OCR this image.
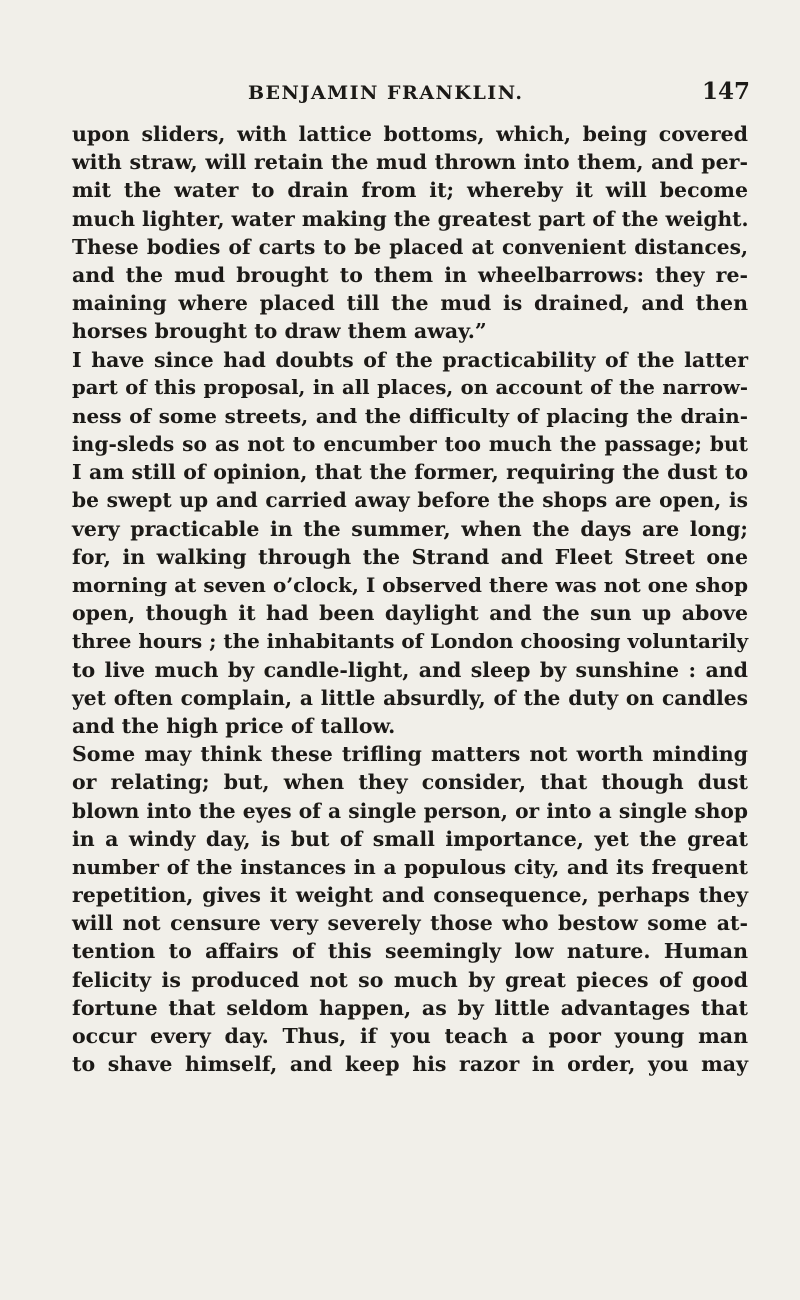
BENJAMIN FRANKLIN.	147
upon sliders, with lattice bottoms, which, being covered
with straw, will retain the mud thrown into them, and per-
mit the water to drain from it; whereby it will become
much lighter, water making the greatest part of the weight.
These bodies of carts to be placed at convenient distances,
and the mud brought to them in wheelbarrows: they re-
maining where placed till the mud is drained, and then
horses brought to draw them away.”
I have since had doubts of the practicability of the latter
part of this proposal, in all places, on account of the narrow-
ness of some streets, and the difficulty of placing the drain-
ing-sleds so as not to encumber too much the passage; but
I am still of opinion, that the former, requiring the dust to
be swept up and carried away before the shops are open, is
very practicable in the summer, when the days are long;
for, in walking through the Strand and Fleet Street one
morning at seven o’clock, I observed there was not one shop
open, though it had been daylight and the sun up above
three hours ; the inhabitants of London choosing voluntarily
to live much by candle-light, and sleep by sunshine : and
yet often complain, a little absurdly, of the duty on candles
and the high price of tallow.
Some may think these trifling matters not worth minding
or relating; but, when they consider, that though dust
blown into the eyes of a single person, or into a single shop
in a windy day, is but of small importance, yet the great
number of the instances in a populous city, and its frequent
repetition, gives it weight and consequence, perhaps they
will not censure very severely those who bestow some at-
tention to affairs of this seemingly low nature. Human
felicity is produced not so much by great pieces of good
fortune that seldom happen, as by little advantages that
occur every day. Thus, if you teach a poor young man
to shave himself, and keep his razor in order, you may
